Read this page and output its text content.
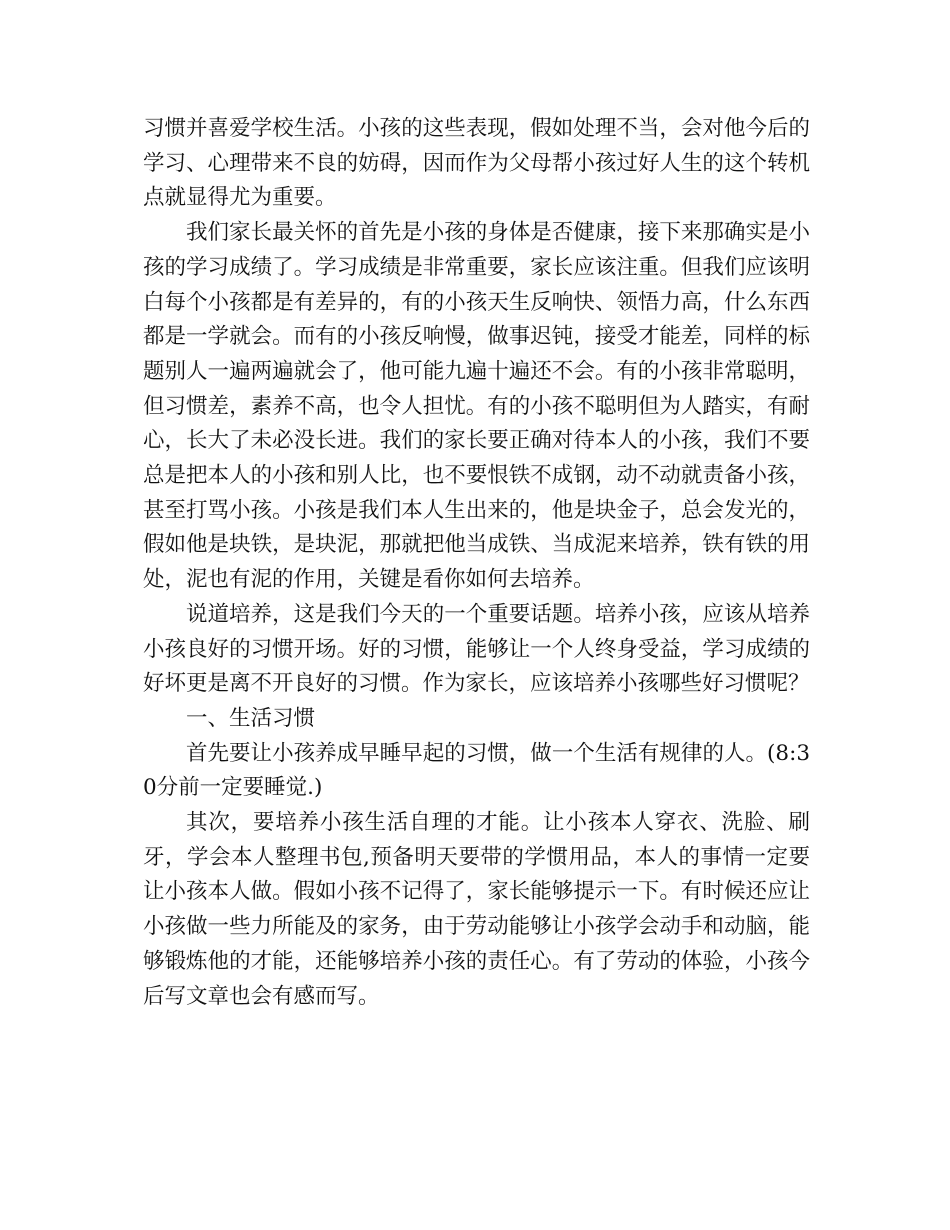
习惯并喜爱学校生活。小孩的这些表现，假如处理不当，会对他今后的学习、心理带来不良的妨碍，因而作为父母帮小孩过好人生的这个转机点就显得尤为重要。

我们家长最关怀的首先是小孩的身体是否健康，接下来那确实是小孩的学习成绩了。学习成绩是非常重要，家长应该注重。但我们应该明白每个小孩都是有差异的，有的小孩天生反响快、领悟力高，什么东西都是一学就会。而有的小孩反响慢，做事迟钝，接受才能差，同样的标题别人一遍两遍就会了，他可能九遍十遍还不会。有的小孩非常聪明，但习惯差，素养不高，也令人担忧。有的小孩不聪明但为人踏实，有耐心，长大了未必没长进。我们的家长要正确对待本人的小孩，我们不要总是把本人的小孩和别人比，也不要恨铁不成钢，动不动就责备小孩，甚至打骂小孩。小孩是我们本人生出来的，他是块金子，总会发光的，假如他是块铁，是块泥，那就把他当成铁、当成泥来培养，铁有铁的用处，泥也有泥的作用，关键是看你如何去培养。

说道培养，这是我们今天的一个重要话题。培养小孩，应该从培养小孩良好的习惯开场。好的习惯，能够让一个人终身受益，学习成绩的好坏更是离不开良好的习惯。作为家长，应该培养小孩哪些好习惯呢？

一、生活习惯

首先要让小孩养成早睡早起的习惯，做一个生活有规律的人。(8:30分前一定要睡觉.)

其次，要培养小孩生活自理的才能。让小孩本人穿衣、洗脸、刷牙，学会本人整理书包,预备明天要带的学惯用品，本人的事情一定要让小孩本人做。假如小孩不记得了，家长能够提示一下。有时候还应让小孩做一些力所能及的家务，由于劳动能够让小孩学会动手和动脑，能够锻炼他的才能，还能够培养小孩的责任心。有了劳动的体验，小孩今后写文章也会有感而写。
